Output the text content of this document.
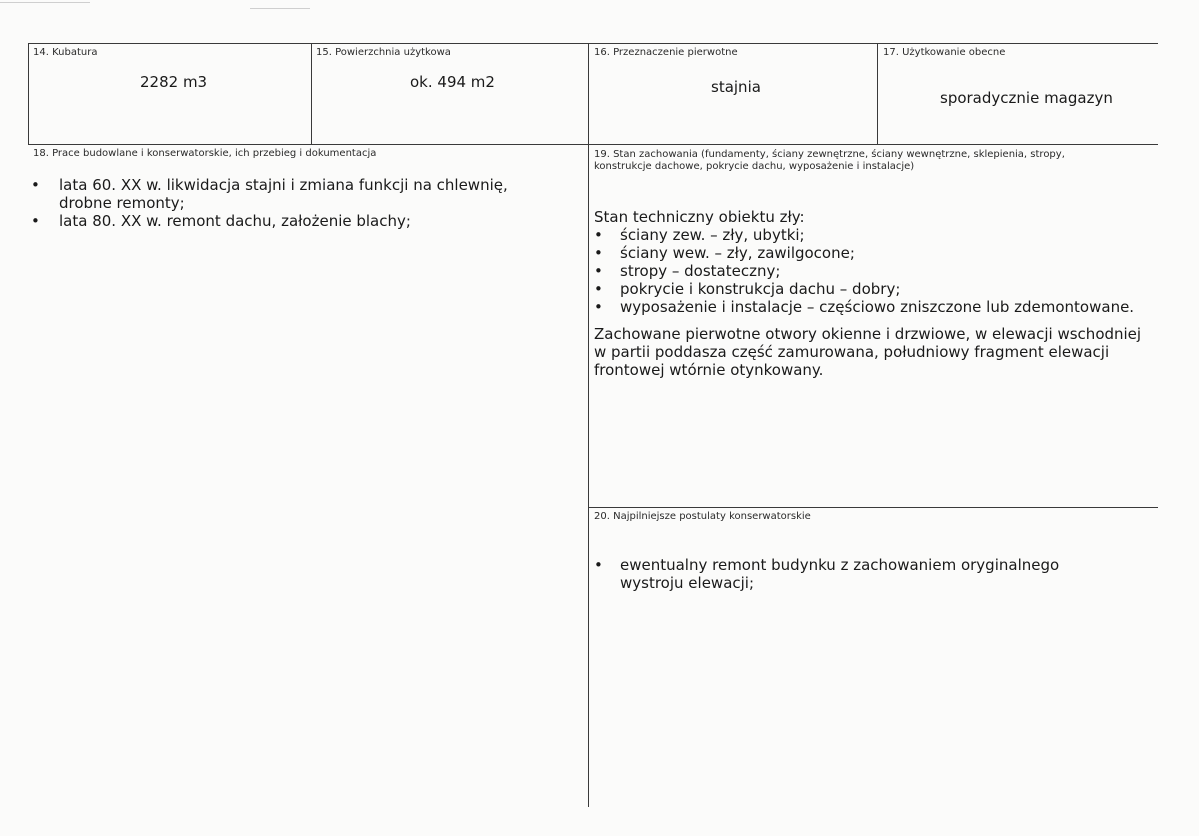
14. Kubatura
2282 m3
15. Powierzchnia użytkowa
ok. 494 m2
16. Przeznaczenie pierwotne
stajnia
17. Użytkowanie obecne
sporadycznie magazyn
18. Prace budowlane i konserwatorskie, ich przebieg i dokumentacja
• lata 60. XX w. likwidacja stajni i zmiana funkcji na chlewnię, drobne remonty;
• lata 80. XX w. remont dachu, założenie blachy;
19. Stan zachowania (fundamenty, ściany zewnętrzne, ściany wewnętrzne, sklepienia, stropy,
konstrukcje dachowe, pokrycie dachu, wyposażenie i instalacje)
Stan techniczny obiektu zły:
• ściany zew. – zły, ubytki;
• ściany wew. – zły, zawilgocone;
• stropy – dostateczny;
• pokrycie i konstrukcja dachu – dobry;
• wyposażenie i instalacje – częściowo zniszczone lub zdemontowane.
Zachowane pierwotne otwory okienne i drzwiowe, w elewacji wschodniej w partii poddasza część zamurowana, południowy fragment elewacji frontowej wtórnie otynkowany.
20. Najpilniejsze postulaty konserwatorskie
• ewentualny remont budynku z zachowaniem oryginalnego wystroju elewacji;
